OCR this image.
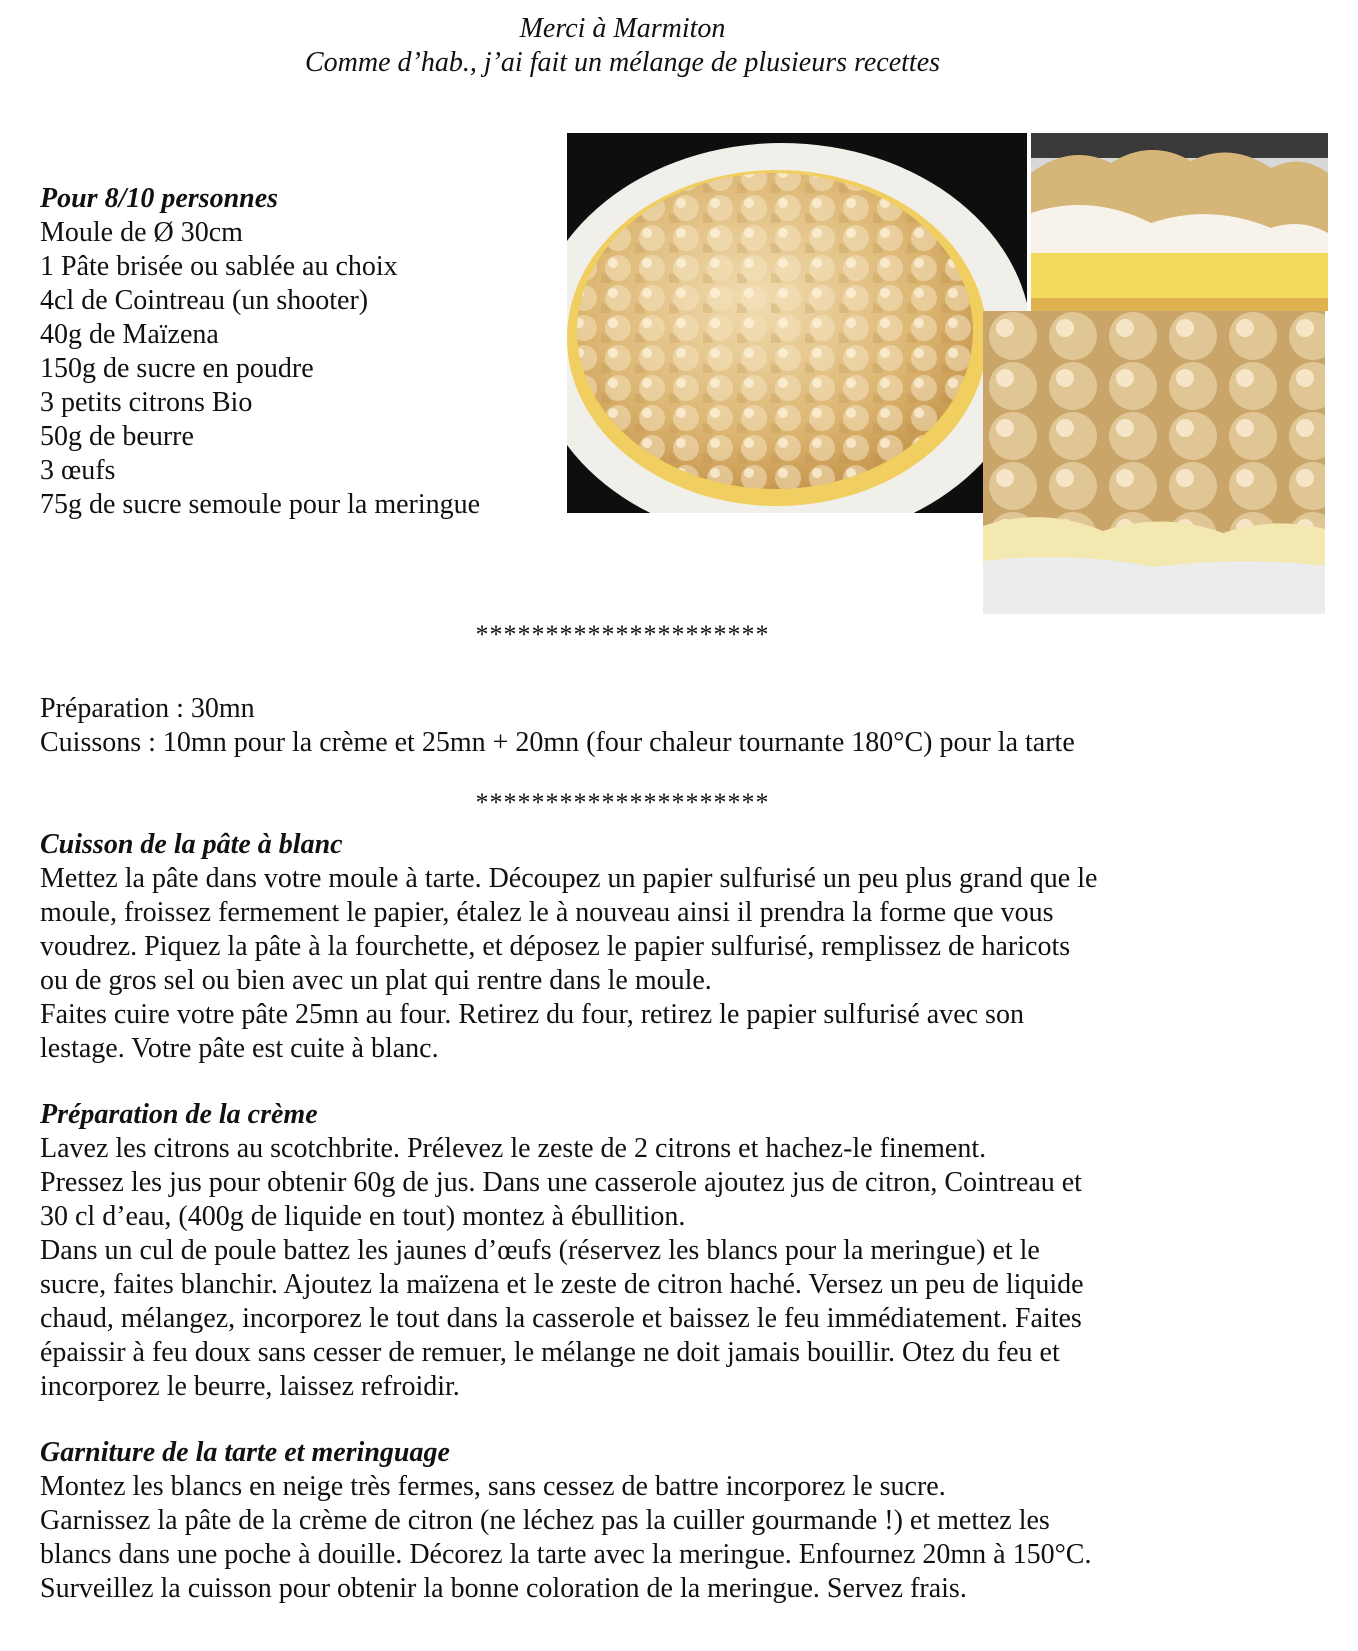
Merci à Marmiton
Comme d’hab., j’ai fait un mélange de plusieurs recettes
Pour 8/10 personnes
Moule de Ø 30cm
1 Pâte brisée ou sablée au choix
4cl de Cointreau (un shooter)
40g de Maïzena
150g de sucre en poudre
3 petits citrons Bio
50g de beurre
3 œufs
75g de sucre semoule pour la meringue
*********************
Préparation : 30mn
Cuissons : 10mn pour la crème et 25mn + 20mn (four chaleur tournante 180°C) pour la tarte
*********************
Cuisson de la pâte à blanc
Mettez la pâte dans votre moule à tarte. Découpez un papier sulfurisé un peu plus grand que le
moule, froissez fermement le papier, étalez le à nouveau ainsi il prendra la forme que vous
voudrez. Piquez la pâte à la fourchette, et déposez le papier sulfurisé, remplissez de haricots
ou de gros sel ou bien avec un plat qui rentre dans le moule.
Faites cuire votre pâte 25mn au four. Retirez du four, retirez le papier sulfurisé avec son
lestage. Votre pâte est cuite à blanc.
Préparation de la crème
Lavez les citrons au scotchbrite. Prélevez le zeste de 2 citrons et hachez-le finement.
Pressez les jus pour obtenir 60g de jus. Dans une casserole ajoutez jus de citron, Cointreau et
30 cl d’eau, (400g de liquide en tout) montez à ébullition.
Dans un cul de poule battez les jaunes d’œufs (réservez les blancs pour la meringue) et le
sucre, faites blanchir. Ajoutez la maïzena et le zeste de citron haché. Versez un peu de liquide
chaud, mélangez, incorporez le tout dans la casserole et baissez le feu immédiatement. Faites
épaissir à feu doux sans cesser de remuer, le mélange ne doit jamais bouillir. Otez du feu et
incorporez le beurre, laissez refroidir.
Garniture de la tarte et meringuage
Montez les blancs en neige très fermes, sans cessez de battre incorporez le sucre.
Garnissez la pâte de la crème de citron (ne léchez pas la cuiller gourmande !) et mettez les
blancs dans une poche à douille. Décorez la tarte avec la meringue. Enfournez 20mn à 150°C.
Surveillez la cuisson pour obtenir la bonne coloration de la meringue. Servez frais.
